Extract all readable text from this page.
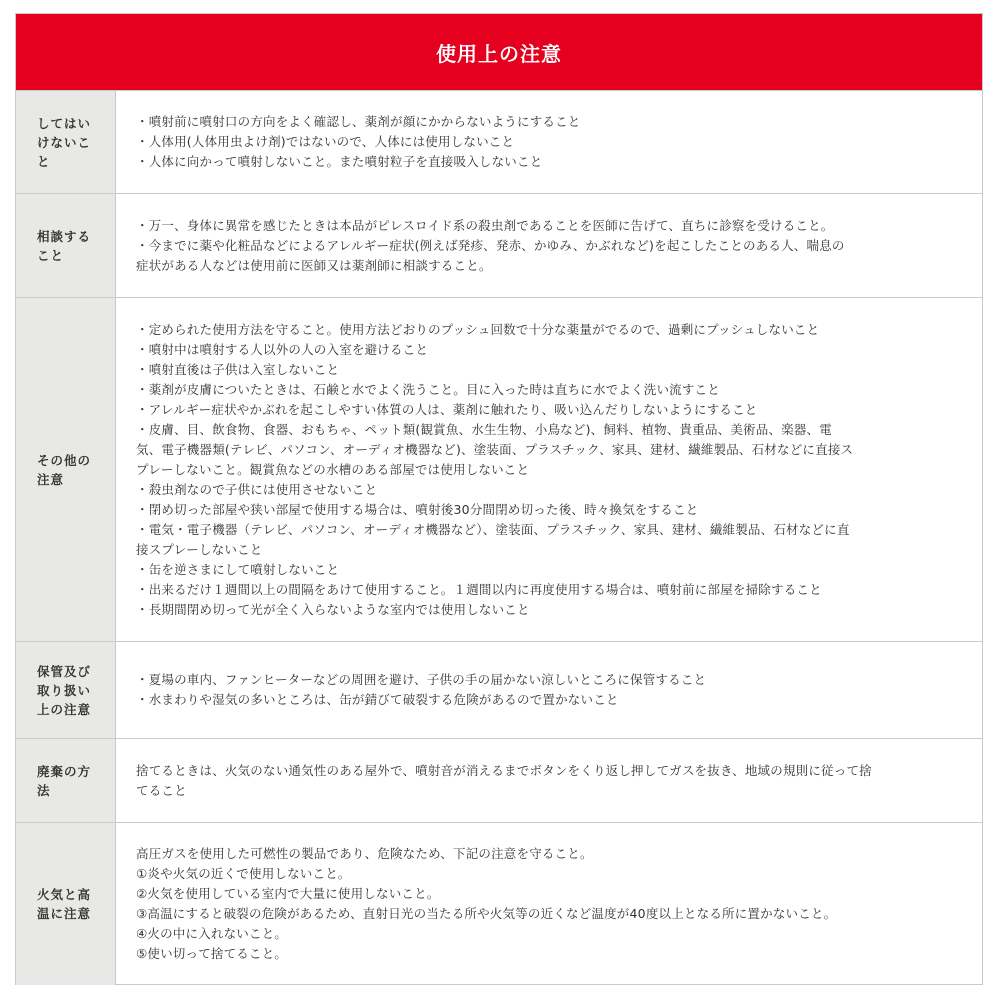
使用上の注意
してはい
けないこ
と
・噴射前に噴射口の方向をよく確認し、薬剤が顔にかからないようにすること
・人体用(人体用虫よけ剤)ではないので、人体には使用しないこと
・人体に向かって噴射しないこと。また噴射粒子を直接吸入しないこと
相談する
こと
・万一、身体に異常を感じたときは本品がピレスロイド系の殺虫剤であることを医師に告げて、直ちに診察を受けること。
・今までに薬や化粧品などによるアレルギー症状(例えば発疹、発赤、かゆみ、かぶれなど)を起こしたことのある人、喘息の
症状がある人などは使用前に医師又は薬剤師に相談すること。
その他の
注意
・定められた使用方法を守ること。使用方法どおりのプッシュ回数で十分な薬量がでるので、過剰にプッシュしないこと
・噴射中は噴射する人以外の人の入室を避けること
・噴射直後は子供は入室しないこと
・薬剤が皮膚についたときは、石鹸と水でよく洗うこと。目に入った時は直ちに水でよく洗い流すこと
・アレルギー症状やかぶれを起こしやすい体質の人は、薬剤に触れたり、吸い込んだりしないようにすること
・皮膚、目、飲食物、食器、おもちゃ、ペット類(観賞魚、水生生物、小鳥など)、飼料、植物、貴重品、美術品、楽器、電
気、電子機器類(テレビ、パソコン、オーディオ機器など)、塗装面、プラスチック、家具、建材、繊維製品、石材などに直接ス
プレーしないこと。観賞魚などの水槽のある部屋では使用しないこと
・殺虫剤なので子供には使用させないこと
・閉め切った部屋や狭い部屋で使用する場合は、噴射後30分間閉め切った後、時々換気をすること
・電気・電子機器（テレビ、パソコン、オーディオ機器など）、塗装面、プラスチック、家具、建材、繊維製品、石材などに直
接スプレーしないこと
・缶を逆さまにして噴射しないこと
・出来るだけ１週間以上の間隔をあけて使用すること。１週間以内に再度使用する場合は、噴射前に部屋を掃除すること
・長期間閉め切って光が全く入らないような室内では使用しないこと
保管及び
取り扱い
上の注意
・夏場の車内、ファンヒーターなどの周囲を避け、子供の手の届かない涼しいところに保管すること
・水まわりや湿気の多いところは、缶が錆びて破裂する危険があるので置かないこと
廃棄の方
法
捨てるときは、火気のない通気性のある屋外で、噴射音が消えるまでボタンをくり返し押してガスを抜き、地域の規則に従って捨
てること
火気と高
温に注意
高圧ガスを使用した可燃性の製品であり、危険なため、下記の注意を守ること。
①炎や火気の近くで使用しないこと。
②火気を使用している室内で大量に使用しないこと。
③高温にすると破裂の危険があるため、直射日光の当たる所や火気等の近くなど温度が40度以上となる所に置かないこと。
④火の中に入れないこと。
⑤使い切って捨てること。
